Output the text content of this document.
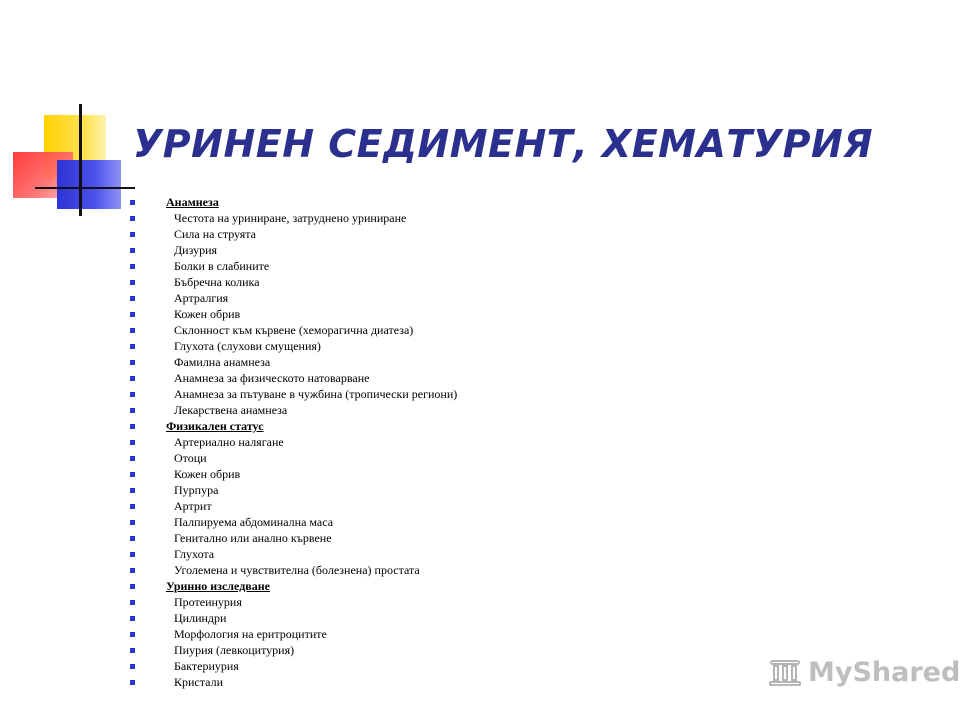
УРИНЕН СЕДИМЕНТ, ХЕМАТУРИЯ
Анамнеза
Честота на уриниране, затруднено уриниране
Сила на струята
Дизурия
Болки в слабините
Бъбречна колика
Артралгия
Кожен обрив
Склонност към кървене (хеморагична диатеза)
Глухота (слухови смущения)
Фамилна анамнеза
Анамнеза за физическото натоварване
Анамнеза за пътуване в чужбина (тропически региони)
Лекарствена анамнеза
Физикален статус
Артериално налягане
Отоци
Кожен обрив
Пурпура
Артрит
Палпируема абдоминална маса
Генитално или анално кървене
Глухота
Уголемена и чувствителна (болезнена) простата
Уринно изследване
Протеинурия
Цилиндри
Морфология на еритроцитите
Пиурия (левкоцитурия)
Бактериурия
Кристали	MyShared
